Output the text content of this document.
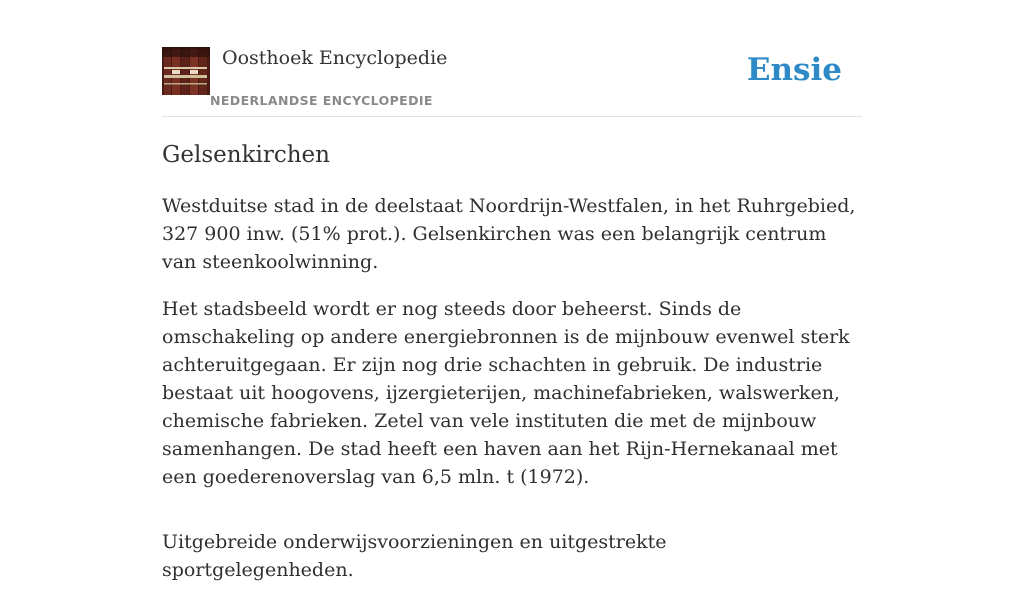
Oosthoek Encyclopedie
NEDERLANDSE ENCYCLOPEDIE
Ensie
Gelsenkirchen

Westduitse stad in de deelstaat Noordrijn-Westfalen, in het Ruhrgebied, 327 900 inw. (51% prot.). Gelsenkirchen was een belangrijk centrum van steenkoolwinning.

Het stadsbeeld wordt er nog steeds door beheerst. Sinds de omschakeling op andere energiebronnen is de mijnbouw evenwel sterk achteruitgegaan. Er zijn nog drie schachten in gebruik. De industrie bestaat uit hoogovens, ijzergieterijen, machinefabrieken, walswerken, chemische fabrieken. Zetel van vele instituten die met de mijnbouw samenhangen. De stad heeft een haven aan het Rijn-Hernekanaal met een goederenoverslag van 6,5 mln. t (1972).

Uitgebreide onderwijsvoorzieningen en uitgestrekte sportgelegenheden.
